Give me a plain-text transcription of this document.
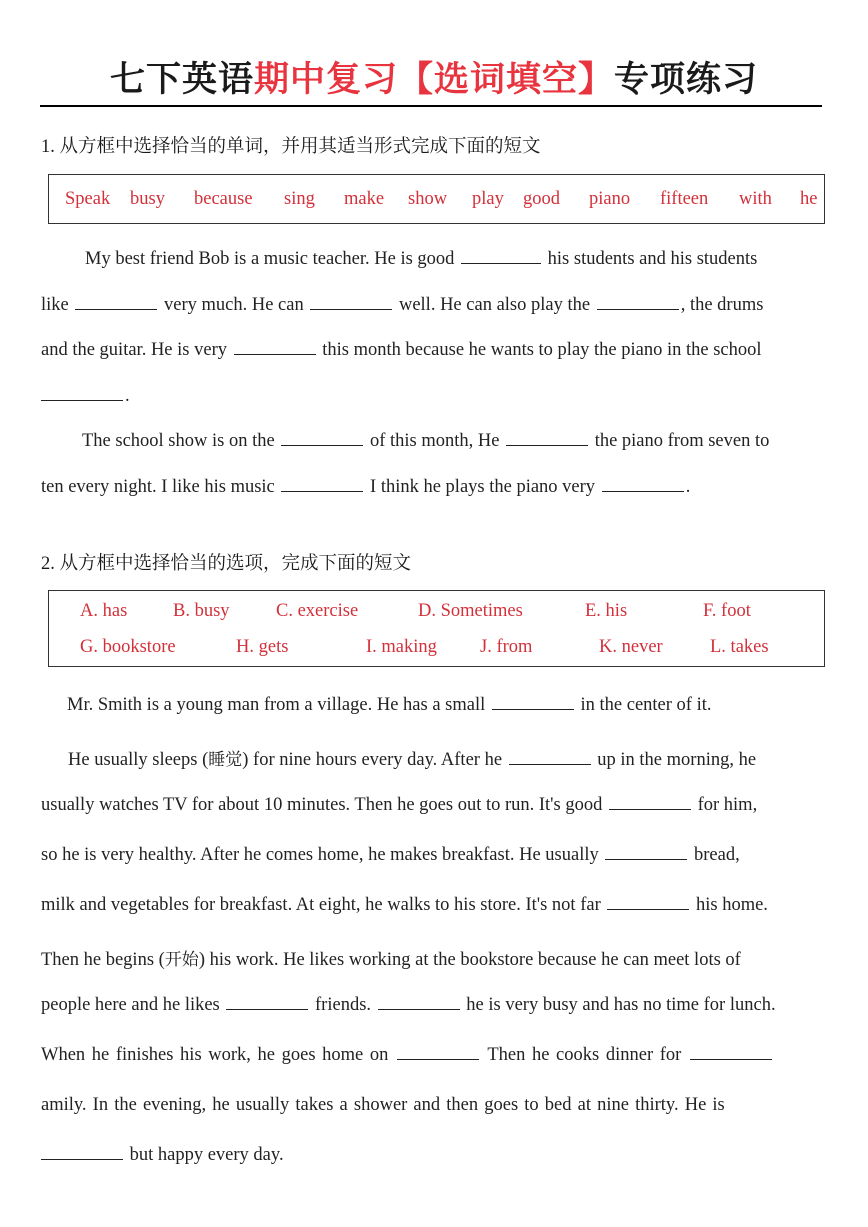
七下英语期中复习【选词填空】专项练习
1. 从方框中选择恰当的单词，并用其适当形式完成下面的短文
Speak busy because sing make show play good piano fifteen with he
My best friend Bob is a music teacher. He is good	his students and his students
like	very much. He can	well. He can also play the	, the drums
and the guitar. He is very	this month because he wants to play the piano in the school
.
The school show is on the	of this month, He	the piano from seven to
ten every night. I like his music	I think he plays the piano very	.
2. 从方框中选择恰当的选项，完成下面的短文
A. has B. busy	C. exercise	D. Sometimes	E. his	F. foot
G. bookstore	H. gets	I. making J. from	K. never	L. takes
Mr. Smith is a young man from a village. He has a small	in the center of it.
He usually sleeps (睡觉) for nine hours every day. After he	up in the morning, he
usually watches TV for about 10 minutes. Then he goes out to run. It's good	for him,
so he is very healthy. After he comes home, he makes breakfast. He usually	bread,
milk and vegetables for breakfast. At eight, he walks to his store. It's not far	his home.
Then he begins (开始) his work. He likes working at the bookstore because he can meet lots of
people here and he likes	friends.	he is very busy and has no time for lunch.
When he finishes his work, he goes home on	Then he cooks dinner for
amily. In the evening, he usually takes a shower and then goes to bed at nine thirty. He is
but happy every day.
